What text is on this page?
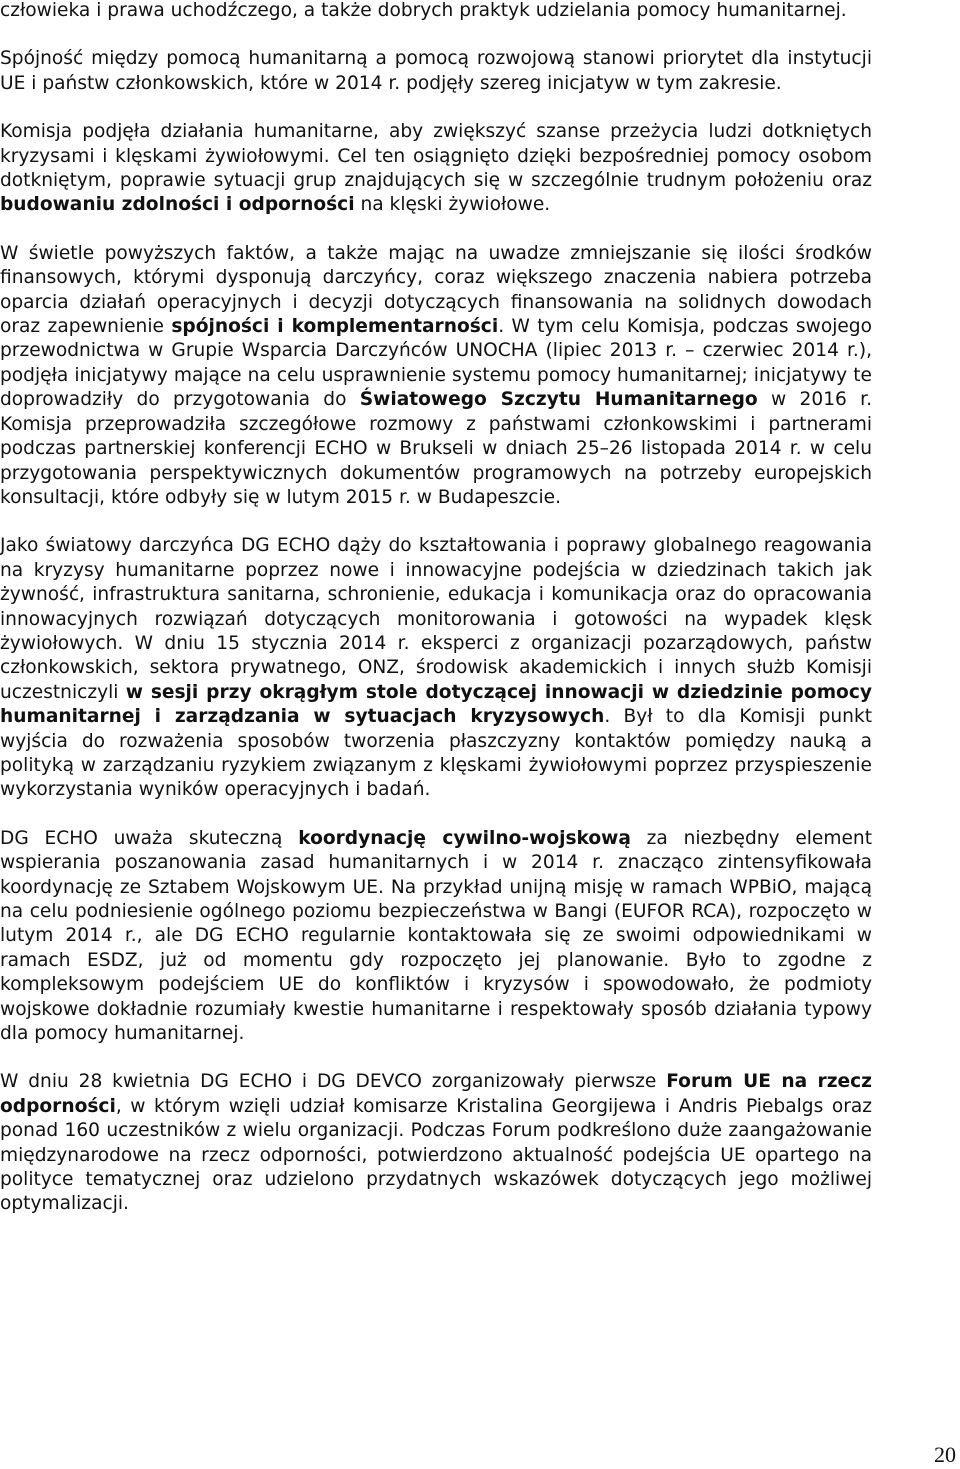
człowieka i prawa uchodźczego, a także dobrych praktyk udzielania pomocy humanitarnej.

Spójność między pomocą humanitarną a pomocą rozwojową stanowi priorytet dla instytucji UE i państw członkowskich, które w 2014 r. podjęły szereg inicjatyw w tym zakresie.

Komisja podjęła działania humanitarne, aby zwiększyć szanse przeżycia ludzi dotkniętych kryzysami i klęskami żywiołowymi. Cel ten osiągnięto dzięki bezpośredniej pomocy osobom dotkniętym, poprawie sytuacji grup znajdujących się w szczególnie trudnym położeniu oraz budowaniu zdolności i odporności na klęski żywiołowe.

W świetle powyższych faktów, a także mając na uwadze zmniejszanie się ilości środków finansowych, którymi dysponują darczyńcy, coraz większego znaczenia nabiera potrzeba oparcia działań operacyjnych i decyzji dotyczących finansowania na solidnych dowodach oraz zapewnienie spójności i komplementarności. W tym celu Komisja, podczas swojego przewodnictwa w Grupie Wsparcia Darczyńców UNOCHA (lipiec 2013 r. – czerwiec 2014 r.), podjęła inicjatywy mające na celu usprawnienie systemu pomocy humanitarnej; inicjatywy te doprowadziły do przygotowania do Światowego Szczytu Humanitarnego w 2016 r. Komisja przeprowadziła szczegółowe rozmowy z państwami członkowskimi i partnerami podczas partnerskiej konferencji ECHO w Brukseli w dniach 25–26 listopada 2014 r. w celu przygotowania perspektywicznych dokumentów programowych na potrzeby europejskich konsultacji, które odbyły się w lutym 2015 r. w Budapeszcie.

Jako światowy darczyńca DG ECHO dąży do kształtowania i poprawy globalnego reagowania na kryzysy humanitarne poprzez nowe i innowacyjne podejścia w dziedzinach takich jak żywność, infrastruktura sanitarna, schronienie, edukacja i komunikacja oraz do opracowania innowacyjnych rozwiązań dotyczących monitorowania i gotowości na wypadek klęsk żywiołowych. W dniu 15 stycznia 2014 r. eksperci z organizacji pozarządowych, państw członkowskich, sektora prywatnego, ONZ, środowisk akademickich i innych służb Komisji uczestniczyli w sesji przy okrągłym stole dotyczącej innowacji w dziedzinie pomocy humanitarnej i zarządzania w sytuacjach kryzysowych. Był to dla Komisji punkt wyjścia do rozważenia sposobów tworzenia płaszczyzny kontaktów pomiędzy nauką a polityką w zarządzaniu ryzykiem związanym z klęskami żywiołowymi poprzez przyspieszenie wykorzystania wyników operacyjnych i badań.

DG ECHO uważa skuteczną koordynację cywilno-wojskową za niezbędny element wspierania poszanowania zasad humanitarnych i w 2014 r. znacząco zintensyfikowała koordynację ze Sztabem Wojskowym UE. Na przykład unijną misję w ramach WPBiO, mającą na celu podniesienie ogólnego poziomu bezpieczeństwa w Bangi (EUFOR RCA), rozpoczęto w lutym 2014 r., ale DG ECHO regularnie kontaktowała się ze swoimi odpowiednikami w ramach ESDZ, już od momentu gdy rozpoczęto jej planowanie. Było to zgodne z kompleksowym podejściem UE do konfliktów i kryzysów i spowodowało, że podmioty wojskowe dokładnie rozumiały kwestie humanitarne i respektowały sposób działania typowy dla pomocy humanitarnej.

W dniu 28 kwietnia DG ECHO i DG DEVCO zorganizowały pierwsze Forum UE na rzecz odporności, w którym wzięli udział komisarze Kristalina Georgijewa i Andris Piebalgs oraz ponad 160 uczestników z wielu organizacji. Podczas Forum podkreślono duże zaangażowanie międzynarodowe na rzecz odporności, potwierdzono aktualność podejścia UE opartego na polityce tematycznej oraz udzielono przydatnych wskazówek dotyczących jego możliwej optymalizacji.

20
